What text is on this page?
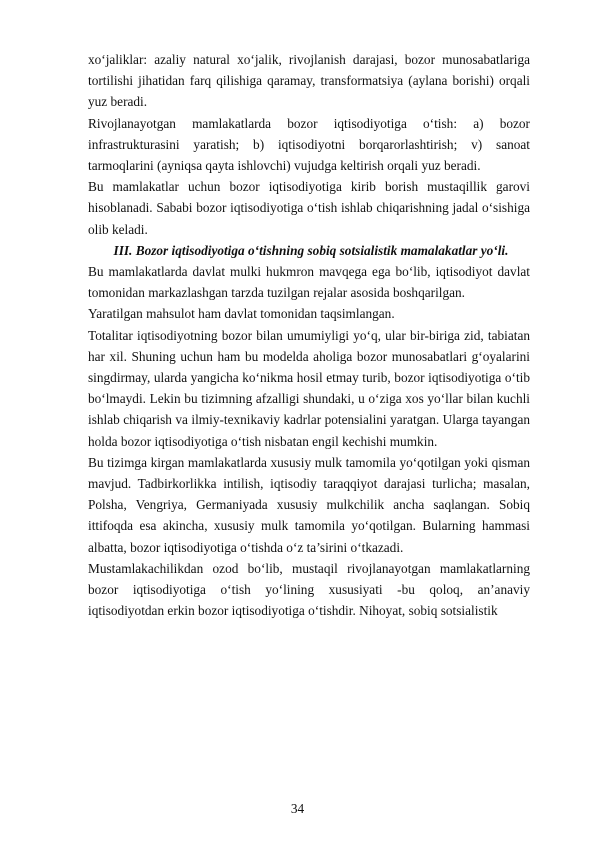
xo‘jaliklar: azaliy natural xo‘jalik, rivojlanish darajasi, bozor munosabatlariga tortilishi jihatidan farq qilishiga qaramay, transformatsiya (aylana borishi) orqali yuz beradi.

Rivojlanayotgan mamlakatlarda bozor iqtisodiyotiga o‘tish: a) bozor infrastrukturasini yaratish; b) iqtisodiyotni borqarorlashtirish; v) sanoat tarmoqlarini (ayniqsa qayta ishlovchi) vujudga keltirish orqali yuz beradi.

Bu mamlakatlar uchun bozor iqtisodiyotiga kirib borish mustaqillik garovi hisoblanadi. Sababi bozor iqtisodiyotiga o‘tish ishlab chiqarishning jadal o‘sishiga olib keladi.

III. Bozor iqtisodiyotiga o‘tishning sobiq sotsialistik mamalakatlar yo‘li.

Bu mamlakatlarda davlat mulki hukmron mavqega ega bo‘lib, iqtisodiyot davlat tomonidan markazlashgan tarzda tuzilgan rejalar asosida boshqarilgan.

Yaratilgan mahsulot ham davlat tomonidan taqsimlangan.

Totalitar iqtisodiyotning bozor bilan umumiyligi yo‘q, ular bir-biriga zid, tabiatan har xil. Shuning uchun ham bu modelda aholiga bozor munosabatlari g‘oyalarini singdirmay, ularda yangicha ko‘nikma hosil etmay turib, bozor iqtisodiyotiga o‘tib bo‘lmaydi. Lekin bu tizimning afzalligi shundaki, u o‘ziga xos yo‘llar bilan kuchli ishlab chiqarish va ilmiy-texnikaviy kadrlar potensialini yaratgan. Ularga tayangan holda bozor iqtisodiyotiga o‘tish nisbatan engil kechishi mumkin.

Bu tizimga kirgan mamlakatlarda xususiy mulk tamomila yo‘qotilgan yoki qisman mavjud. Tadbirkorlikka intilish, iqtisodiy taraqqiyot darajasi turlicha; masalan, Polsha, Vengriya, Germaniyada xususiy mulkchilik ancha saqlangan. Sobiq ittifoqda esa akincha, xususiy mulk tamomila yo‘qotilgan. Bularning hammasi albatta, bozor iqtisodiyotiga o‘tishda o‘z ta’sirini o‘tkazadi.

Mustamlakachilikdan ozod bo‘lib, mustaqil rivojlanayotgan mamlakatlarning bozor iqtisodiyotiga o‘tish yo‘lining xususiyati -bu qoloq, an’anaviy iqtisodiyotdan erkin bozor iqtisodiyotiga o‘tishdir. Nihoyat, sobiq sotsialistik

34
